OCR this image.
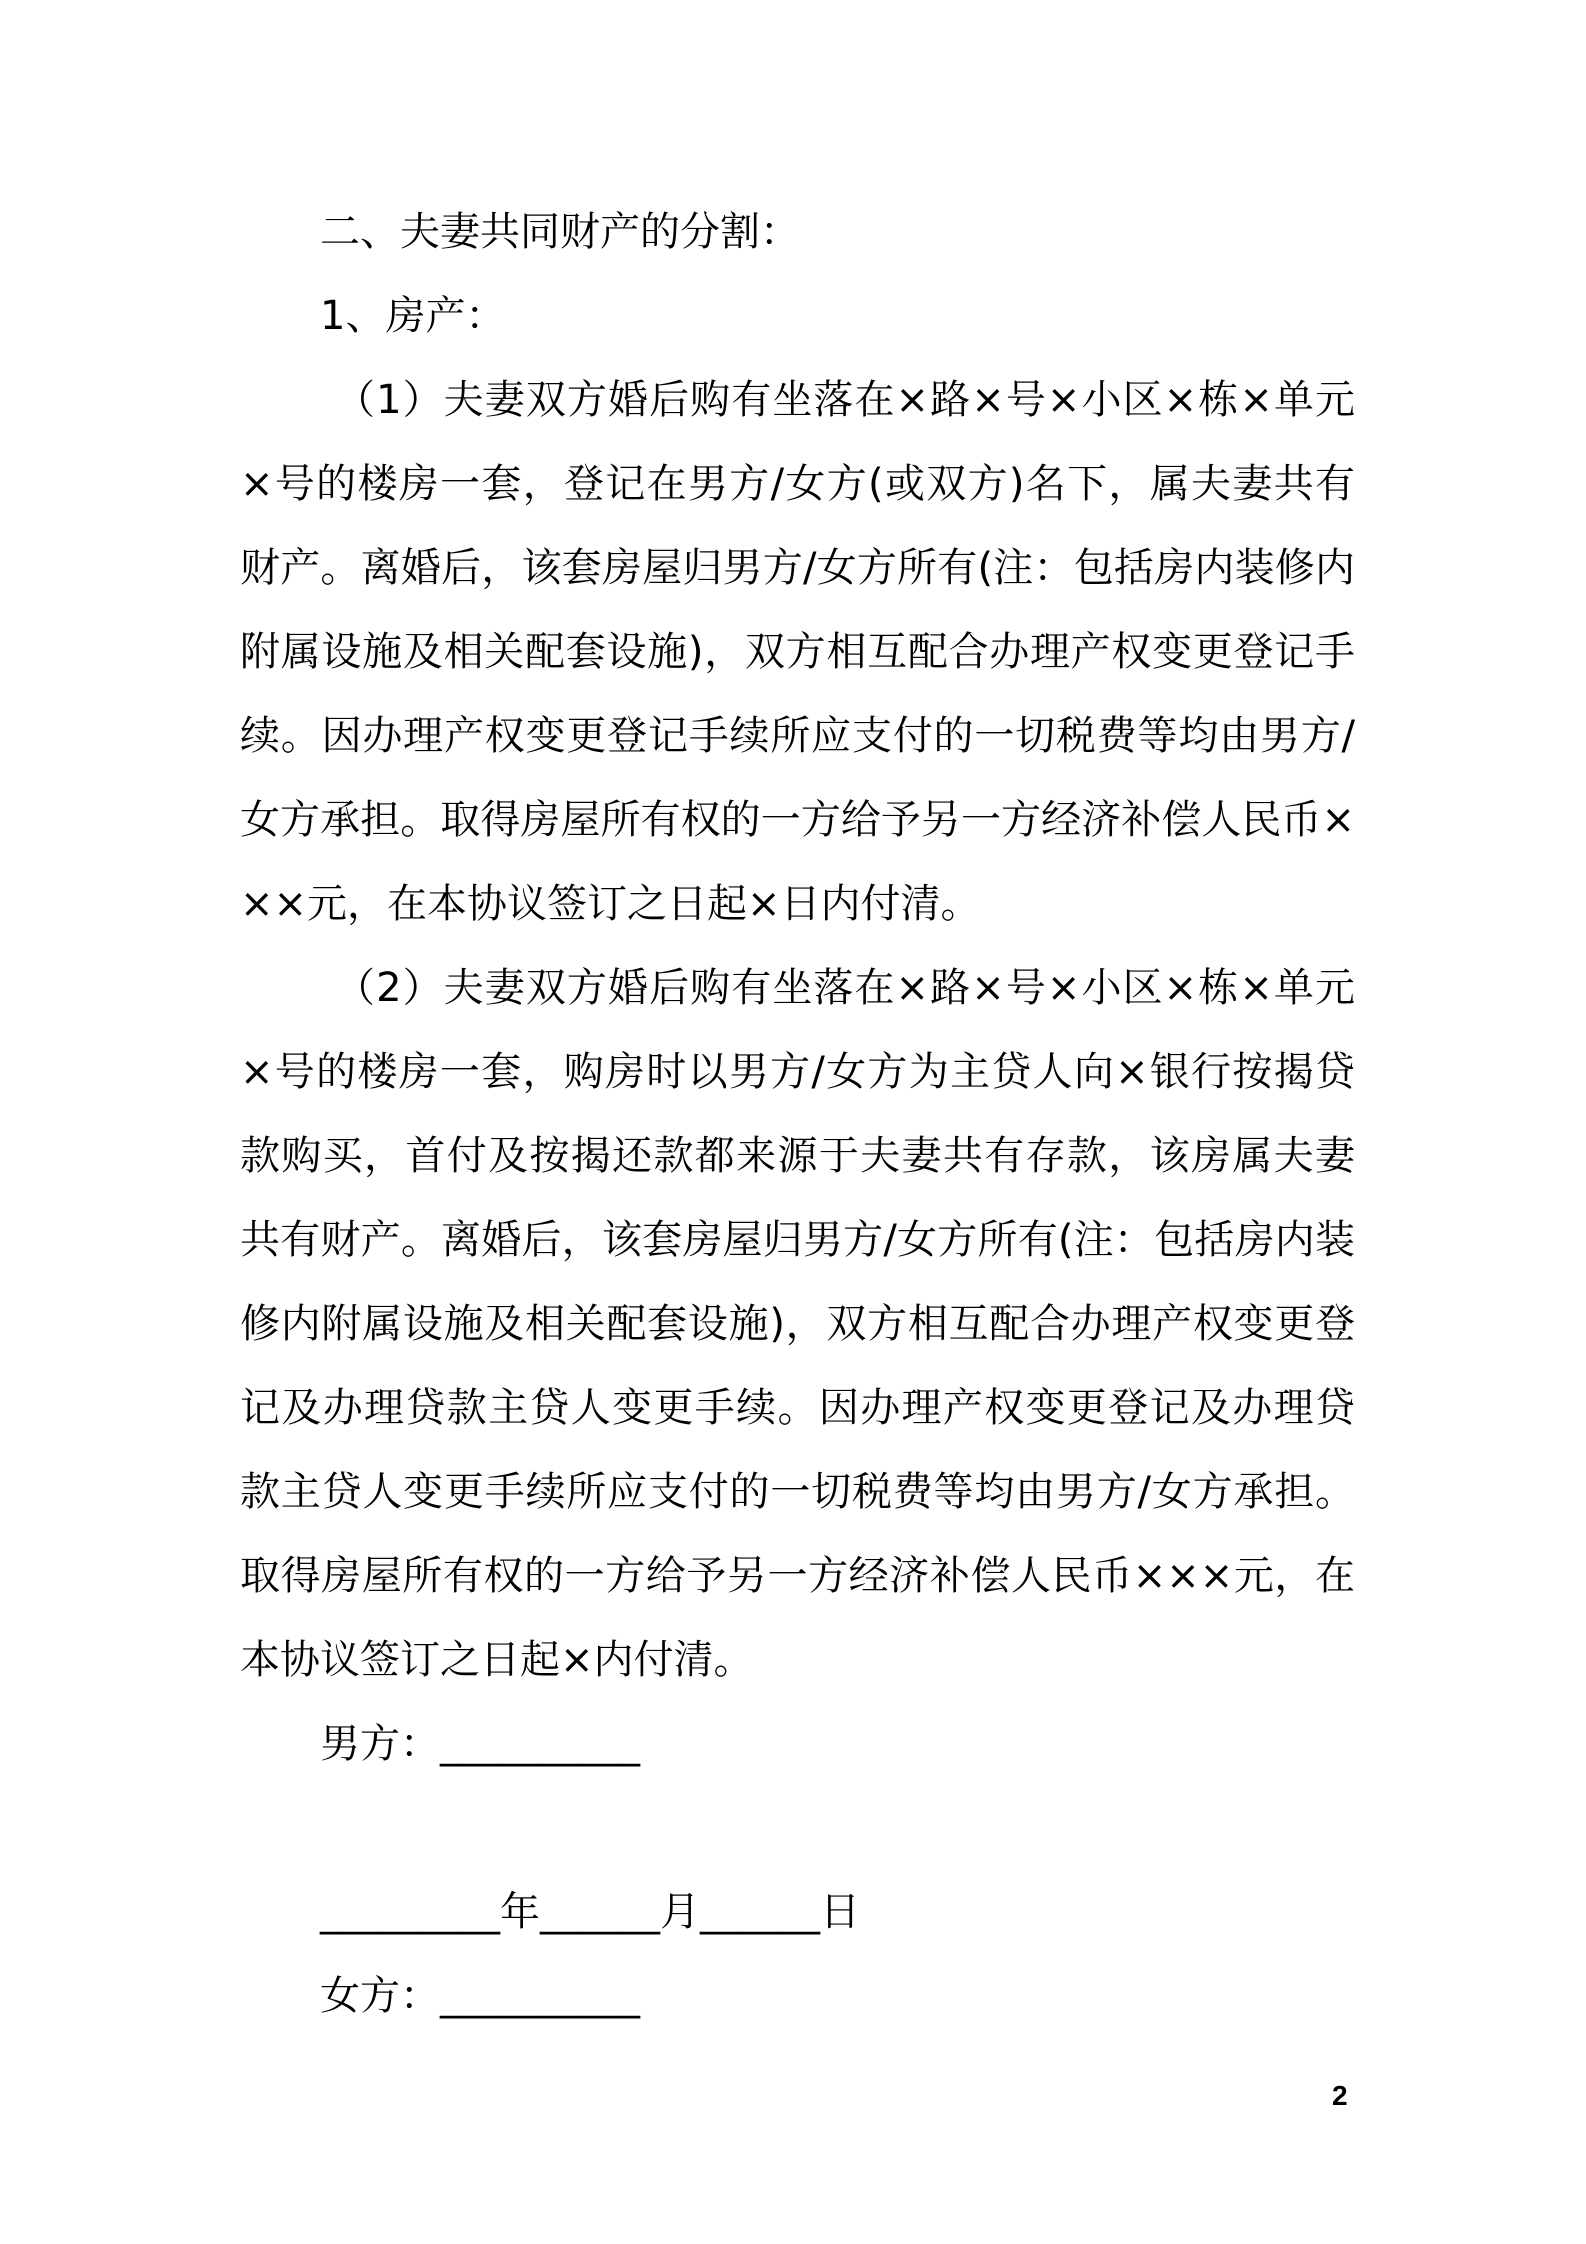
二、夫妻共同财产的分割：
1、房产：

（1）夫妻双方婚后购有坐落在×路×号×小区×栋×单元×号的楼房一套，登记在男方/女方(或双方)名下，属夫妻共有财产。离婚后，该套房屋归男方/女方所有(注：包括房内装修内附属设施及相关配套设施)，双方相互配合办理产权变更登记手续。因办理产权变更登记手续所应支付的一切税费等均由男方/女方承担。取得房屋所有权的一方给予另一方经济补偿人民币×××元，在本协议签订之日起×日内付清。

（2）夫妻双方婚后购有坐落在×路×号×小区×栋×单元×号的楼房一套，购房时以男方/女方为主贷人向×银行按揭贷款购买，首付及按揭还款都来源于夫妻共有存款，该房属夫妻共有财产。离婚后，该套房屋归男方/女方所有(注：包括房内装修内附属设施及相关配套设施)，双方相互配合办理产权变更登记及办理贷款主贷人变更手续。因办理产权变更登记及办理贷款主贷人变更手续所应支付的一切税费等均由男方/女方承担。取得房屋所有权的一方给予另一方经济补偿人民币×××元，在本协议签订之日起×内付清。

男方：__________
_________年______月______日
女方：__________
2
